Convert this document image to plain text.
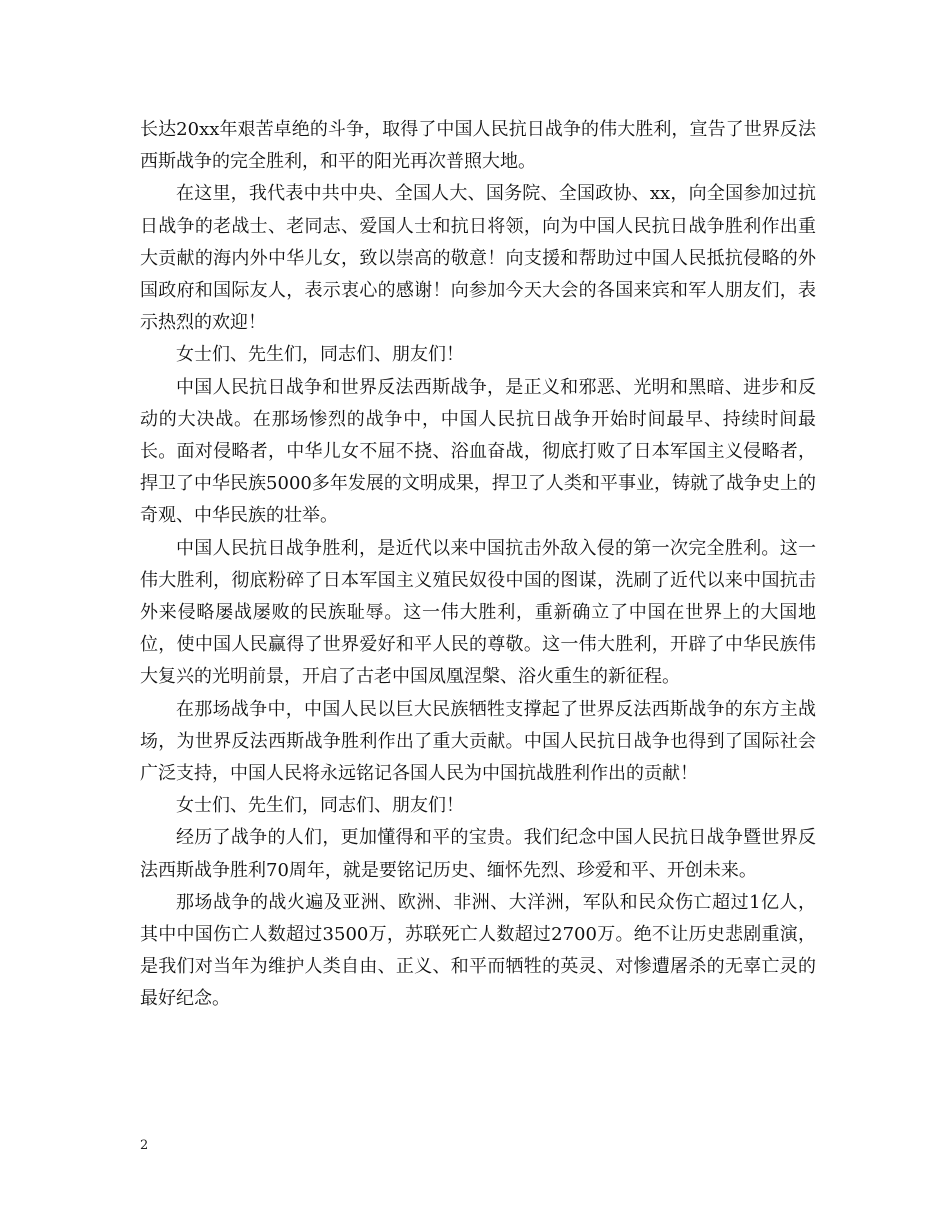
长达20xx年艰苦卓绝的斗争，取得了中国人民抗日战争的伟大胜利，宣告了世界反法西斯战争的完全胜利，和平的阳光再次普照大地。

在这里，我代表中共中央、全国人大、国务院、全国政协、xx，向全国参加过抗日战争的老战士、老同志、爱国人士和抗日将领，向为中国人民抗日战争胜利作出重大贡献的海内外中华儿女，致以崇高的敬意！向支援和帮助过中国人民抵抗侵略的外国政府和国际友人，表示衷心的感谢！向参加今天大会的各国来宾和军人朋友们，表示热烈的欢迎！

女士们、先生们，同志们、朋友们！

中国人民抗日战争和世界反法西斯战争，是正义和邪恶、光明和黑暗、进步和反动的大决战。在那场惨烈的战争中，中国人民抗日战争开始时间最早、持续时间最长。面对侵略者，中华儿女不屈不挠、浴血奋战，彻底打败了日本军国主义侵略者，捍卫了中华民族5000多年发展的文明成果，捍卫了人类和平事业，铸就了战争史上的奇观、中华民族的壮举。

中国人民抗日战争胜利，是近代以来中国抗击外敌入侵的第一次完全胜利。这一伟大胜利，彻底粉碎了日本军国主义殖民奴役中国的图谋，洗刷了近代以来中国抗击外来侵略屡战屡败的民族耻辱。这一伟大胜利，重新确立了中国在世界上的大国地位，使中国人民赢得了世界爱好和平人民的尊敬。这一伟大胜利，开辟了中华民族伟大复兴的光明前景，开启了古老中国凤凰涅槃、浴火重生的新征程。

在那场战争中，中国人民以巨大民族牺牲支撑起了世界反法西斯战争的东方主战场，为世界反法西斯战争胜利作出了重大贡献。中国人民抗日战争也得到了国际社会广泛支持，中国人民将永远铭记各国人民为中国抗战胜利作出的贡献！

女士们、先生们，同志们、朋友们！

经历了战争的人们，更加懂得和平的宝贵。我们纪念中国人民抗日战争暨世界反法西斯战争胜利70周年，就是要铭记历史、缅怀先烈、珍爱和平、开创未来。

那场战争的战火遍及亚洲、欧洲、非洲、大洋洲，军队和民众伤亡超过1亿人，其中中国伤亡人数超过3500万，苏联死亡人数超过2700万。绝不让历史悲剧重演，是我们对当年为维护人类自由、正义、和平而牺牲的英灵、对惨遭屠杀的无辜亡灵的最好纪念。

2
